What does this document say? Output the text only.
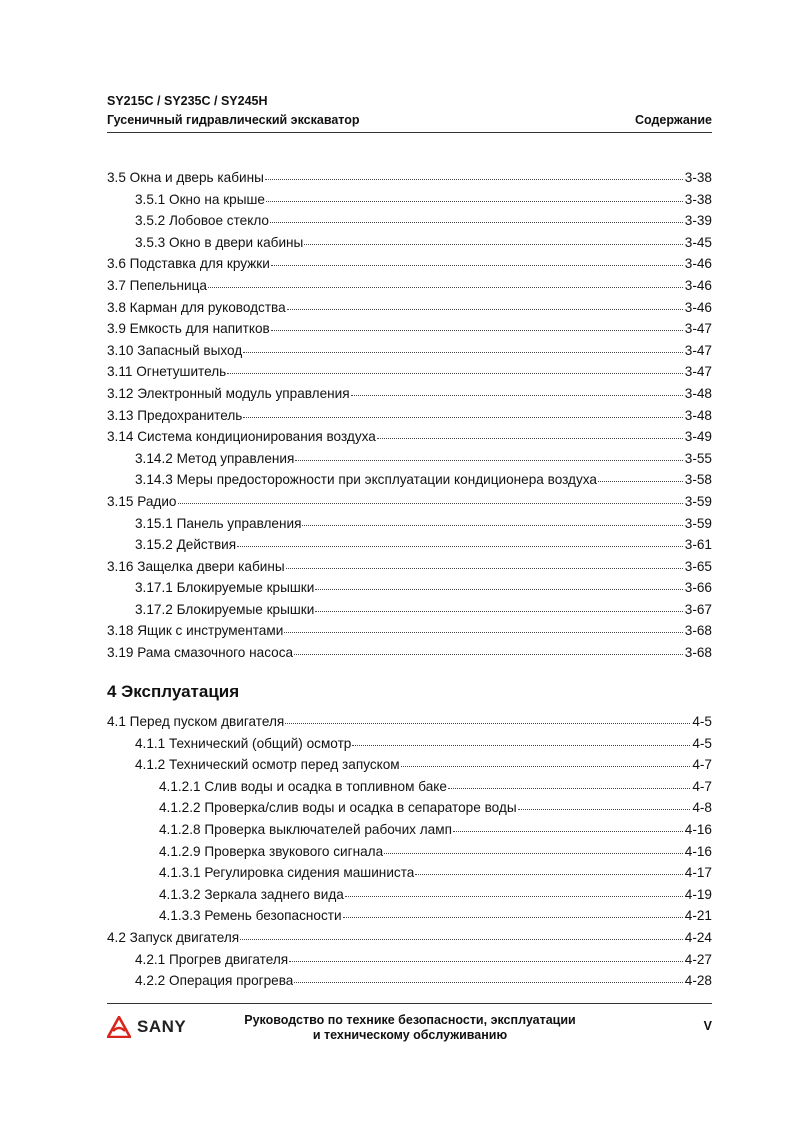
SY215C / SY235C / SY245H
Гусеничный гидравлический экскаватор	Содержание
3.5 Окна и дверь кабины	3-38
3.5.1 Окно на крыше	3-38
3.5.2 Лобовое стекло	3-39
3.5.3 Окно в двери кабины	3-45
3.6 Подставка для кружки	3-46
3.7 Пепельница	3-46
3.8 Карман для руководства	3-46
3.9 Емкость для напитков	3-47
3.10 Запасный выход	3-47
3.11 Огнетушитель	3-47
3.12 Электронный модуль управления	3-48
3.13 Предохранитель	3-48
3.14 Система кондиционирования воздуха	3-49
3.14.2 Метод управления	3-55
3.14.3 Меры предосторожности при эксплуатации кондиционера воздуха	3-58
3.15 Радио	3-59
3.15.1 Панель управления	3-59
3.15.2 Действия	3-61
3.16 Защелка двери кабины	3-65
3.17.1 Блокируемые крышки	3-66
3.17.2 Блокируемые крышки	3-67
3.18 Ящик с инструментами	3-68
3.19 Рама смазочного насоса	3-68
4 Эксплуатация
4.1 Перед пуском двигателя	4-5
4.1.1 Технический (общий) осмотр	4-5
4.1.2 Технический осмотр перед запуском	4-7
4.1.2.1 Слив воды и осадка в топливном баке	4-7
4.1.2.2 Проверка/слив воды и осадка в сепараторе воды	4-8
4.1.2.8 Проверка выключателей рабочих ламп	4-16
4.1.2.9 Проверка звукового сигнала	4-16
4.1.3.1 Регулировка сидения машиниста	4-17
4.1.3.2 Зеркала заднего вида	4-19
4.1.3.3 Ремень безопасности	4-21
4.2 Запуск двигателя	4-24
4.2.1 Прогрев двигателя	4-27
4.2.2 Операция прогрева	4-28
SANY	Руководство по технике безопасности, эксплуатации
и техническому обслуживанию
V
